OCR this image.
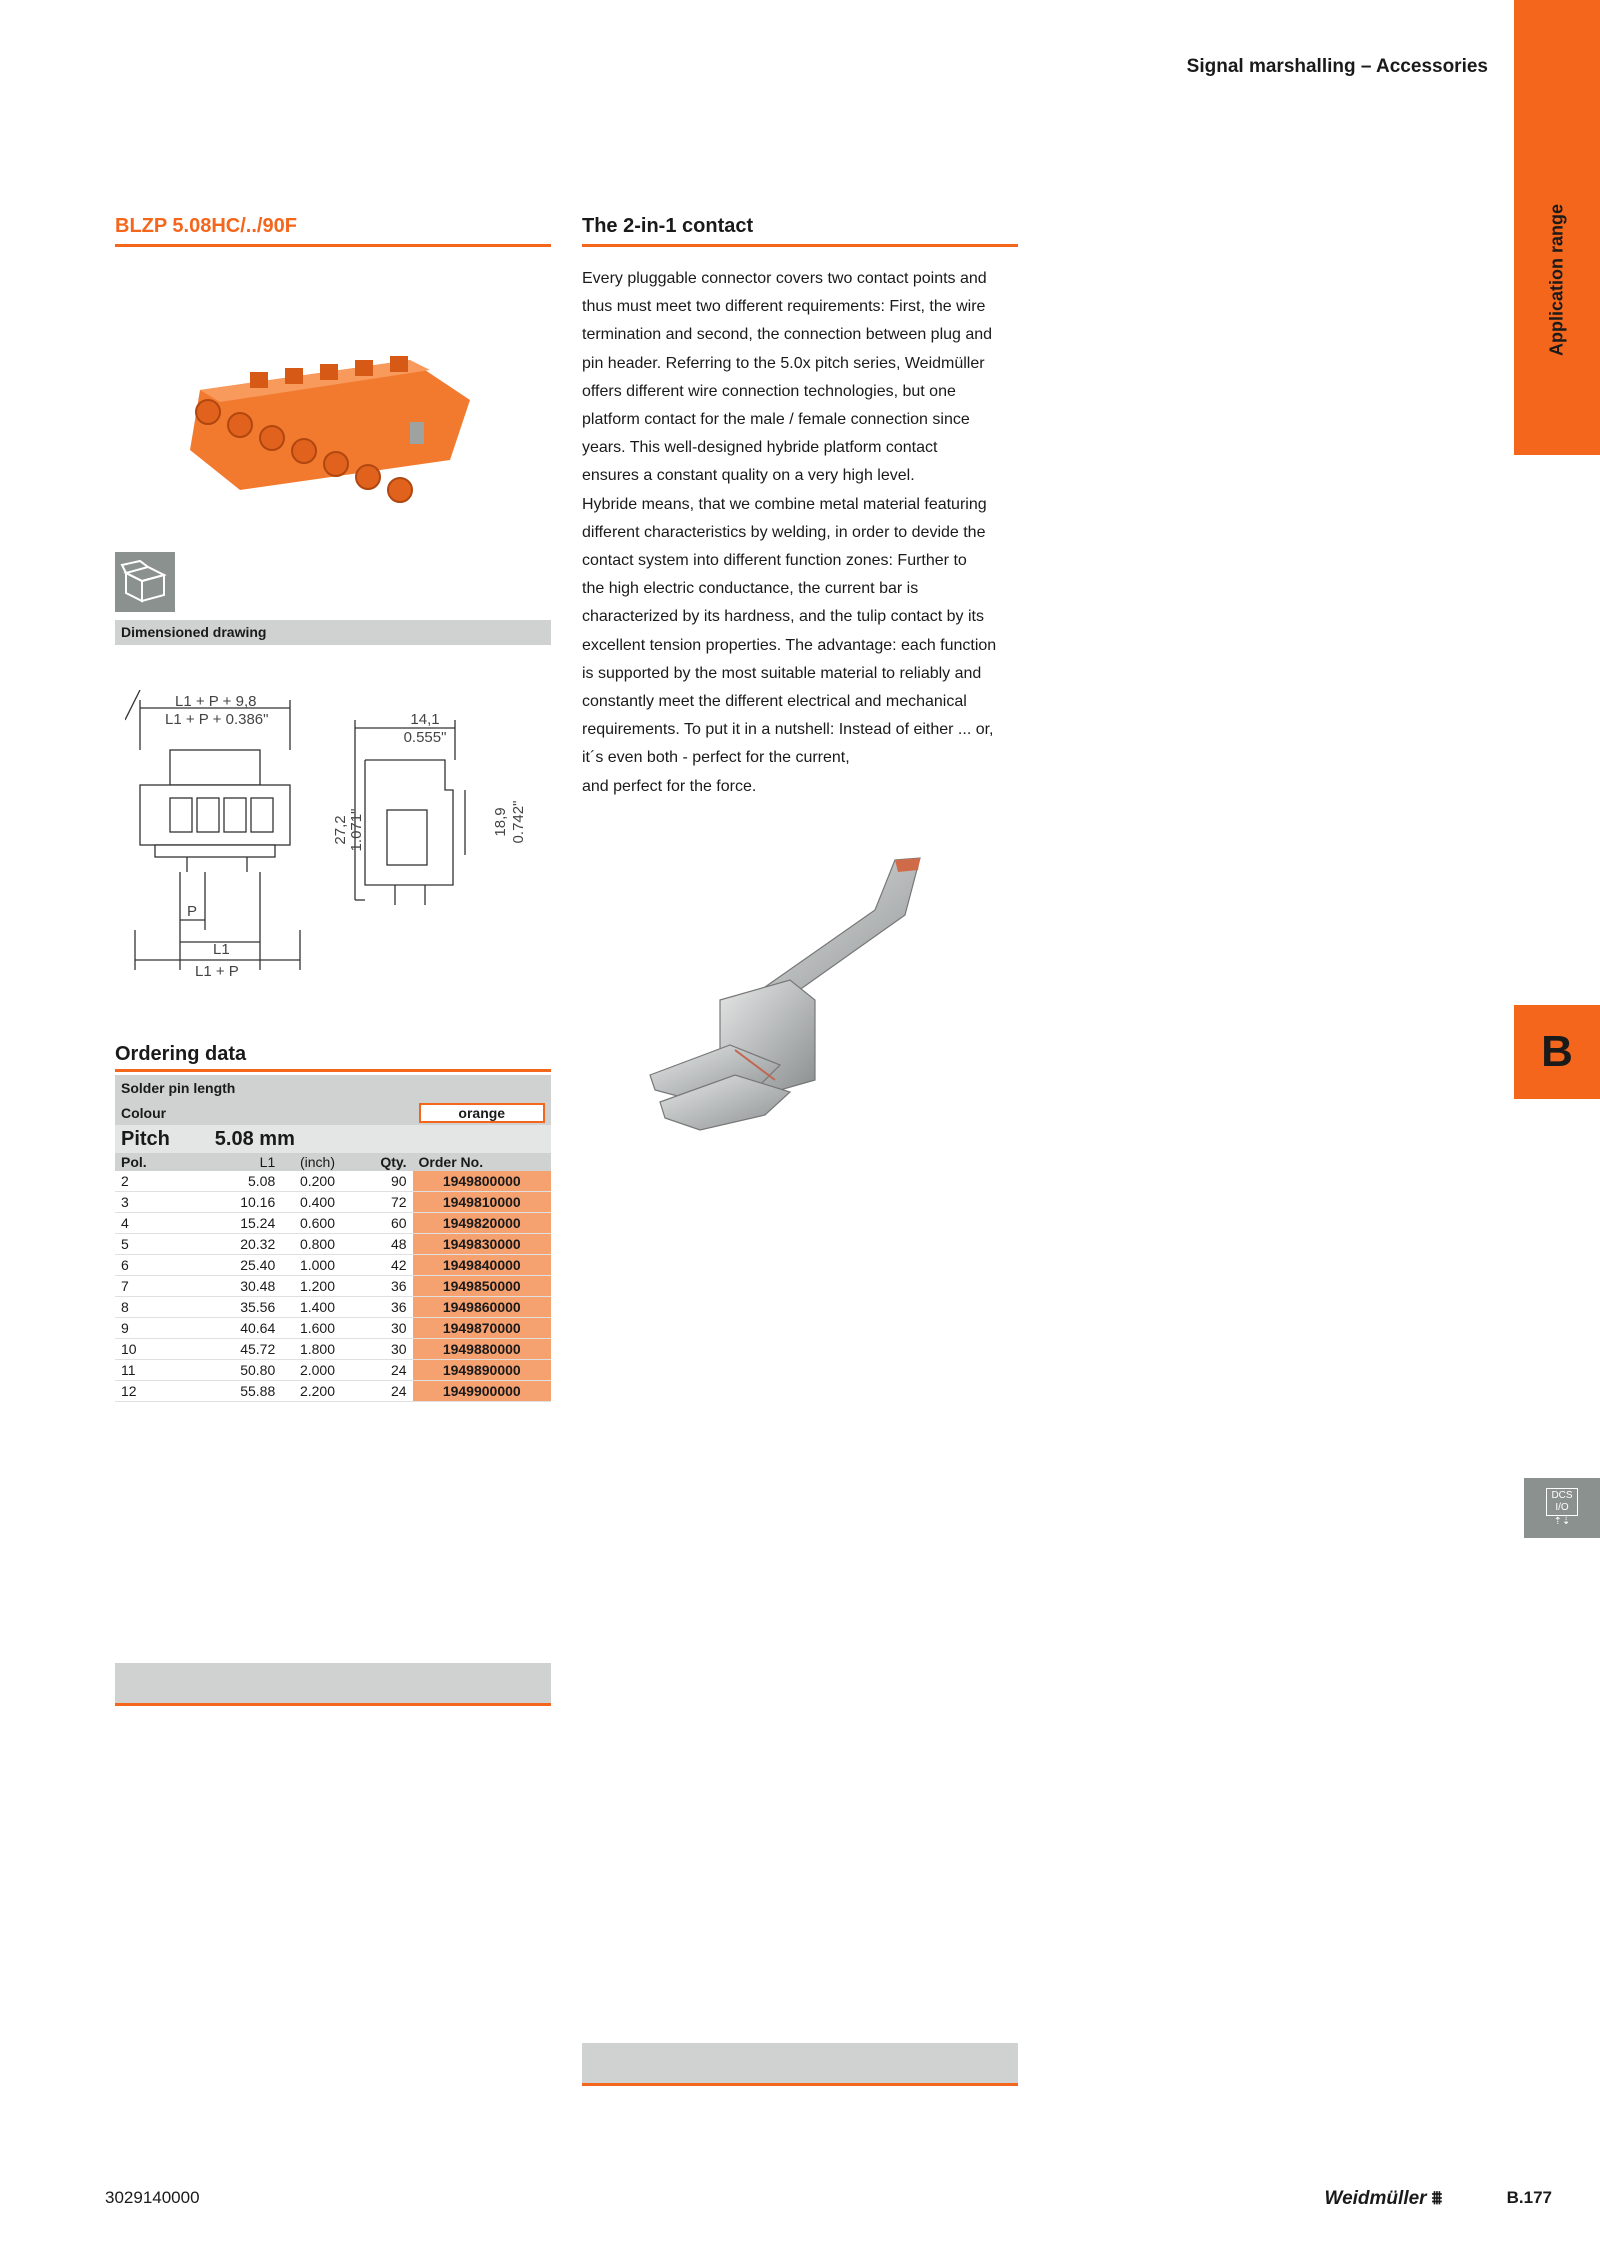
Signal marshalling – Accessories
Application range
B
DCS
I/O
⇡⇣
BLZP 5.08HC/../90F
Dimensioned drawing
L1 + P + 9,8
L1 + P + 0.386"	14,1
0.555"
27,2 1.071"	18,9 0.742"
P
L1
L1 + P
Ordering data
Solder pin length				
Colour				orange

Pitch	5.08 mm			
Pol.	L1	(inch)	Qty.	Order No.
2	5.08	0.200	90	1949800000
3	10.16	0.400	72	1949810000
4	15.24	0.600	60	1949820000
5	20.32	0.800	48	1949830000
6	25.40	1.000	42	1949840000
7	30.48	1.200	36	1949850000
8	35.56	1.400	36	1949860000
9	40.64	1.600	30	1949870000
10	45.72	1.800	30	1949880000
11	50.80	2.000	24	1949890000
12	55.88	2.200	24	1949900000
The 2-in-1 contact
Every pluggable connector covers two contact points and
thus must meet two different requirements: First, the wire
termination and second, the connection between plug and
pin header. Referring to the 5.0x pitch series, Weidmüller
offers different wire connection technologies, but one
platform contact for the male / female connection since
years. This well-designed hybride platform contact
ensures a constant quality on a very high level.
Hybride means, that we combine metal material featuring
different characteristics by welding, in order to devide the
contact system into different function zones: Further to
the high electric conductance, the current bar is
characterized by its hardness, and the tulip contact by its
excellent tension properties. The advantage: each function
is supported by the most suitable material to reliably and
constantly meet the different electrical and mechanical
requirements. To put it in a nutshell: Instead of either ... or,
it´s even both - perfect for the current,
and perfect for the force.
3029140000	Weidmüller ⩩	B.177
